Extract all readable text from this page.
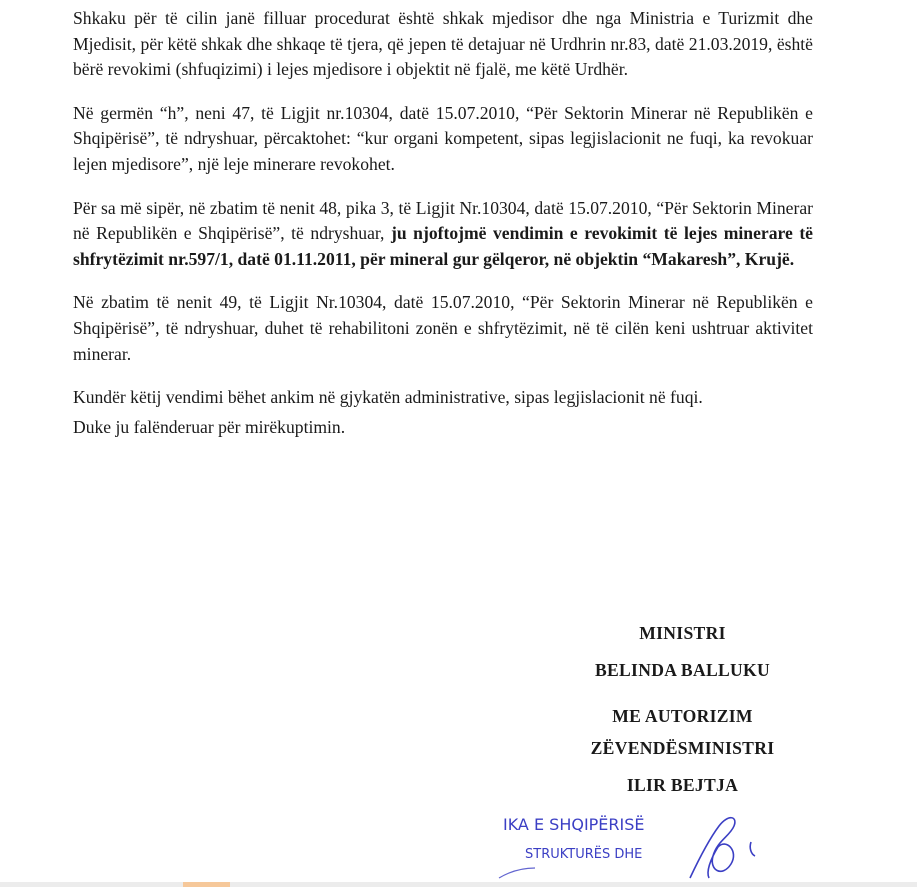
Shkaku për të cilin janë filluar procedurat është shkak mjedisor dhe nga Ministria e Turizmit dhe Mjedisit, për këtë shkak dhe shkaqe të tjera, që jepen të detajuar në Urdhrin nr.83, datë 21.03.2019, është bërë revokimi (shfuqizimi) i lejes mjedisore i objektit në fjalë, me këtë Urdhër.

Në germën “h”, neni 47, të Ligjit nr.10304, datë 15.07.2010, “Për Sektorin Minerar në Republikën e Shqipërisë”, të ndryshuar, përcaktohet: “kur organi kompetent, sipas legjislacionit ne fuqi, ka revokuar lejen mjedisore”, një leje minerare revokohet.

Për sa më sipër, në zbatim të nenit 48, pika 3, të Ligjit Nr.10304, datë 15.07.2010, “Për Sektorin Minerar në Republikën e Shqipërisë”, të ndryshuar, ju njoftojmë vendimin e revokimit të lejes minerare të shfrytëzimit nr.597/1, datë 01.11.2011, për mineral gur gëlqeror, në objektin “Makaresh”, Krujë.

Në zbatim të nenit 49, të Ligjit Nr.10304, datë 15.07.2010, “Për Sektorin Minerar në Republikën e Shqipërisë”, të ndryshuar, duhet të rehabilitoni zonën e shfrytëzimit, në të cilën keni ushtruar aktivitet minerar.

Kundër këtij vendimi bëhet ankim në gjykatën administrative, sipas legjislacionit në fuqi.

Duke ju falënderuar për mirëkuptimin.

MINISTRI
BELINDA BALLUKU
ME AUTORIZIM
ZËVENDËSMINISTRI
ILIR BEJTJA
IKA E SHQIPËRISË
STRUKTURËS DHE
